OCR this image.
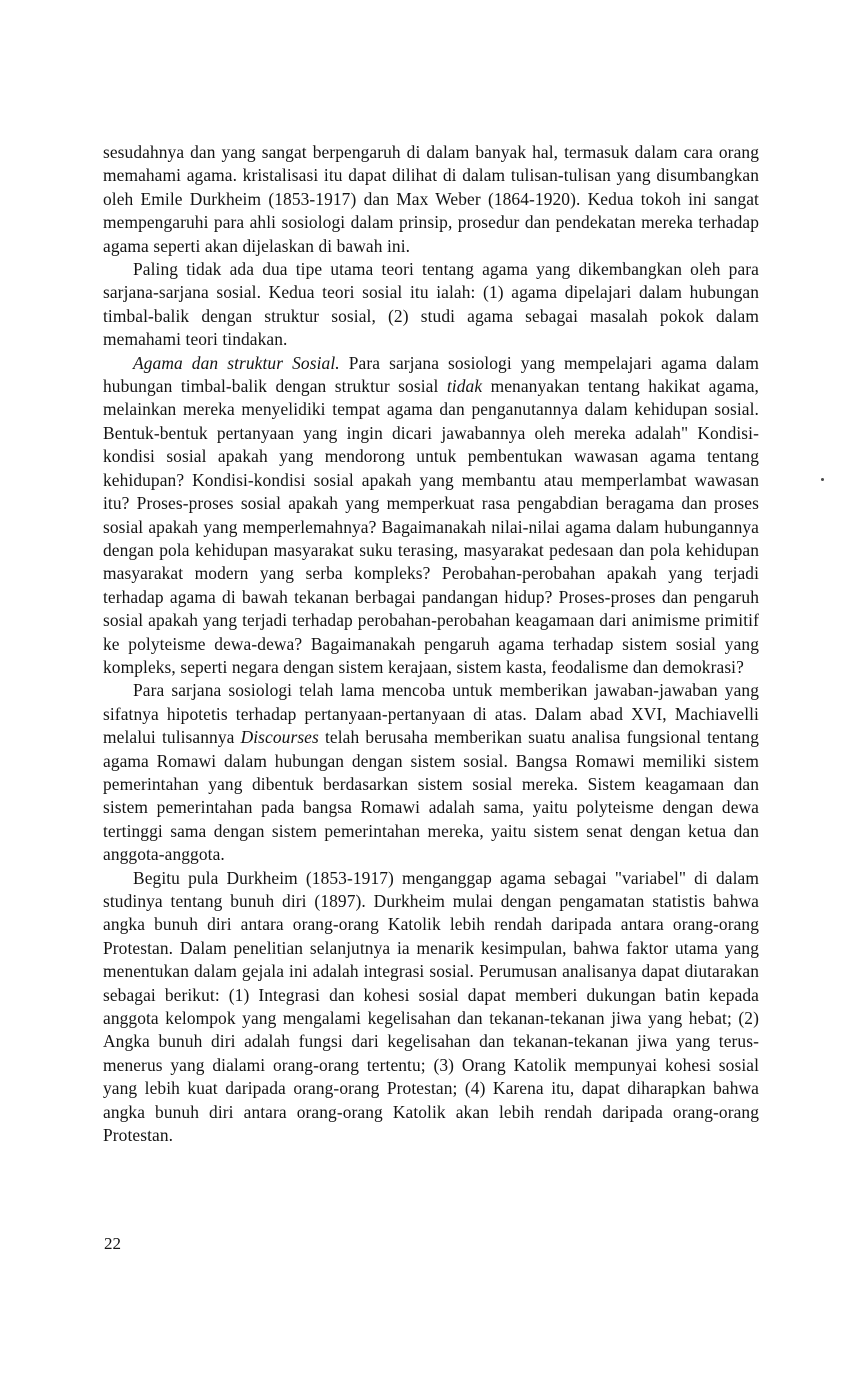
sesudahnya dan yang sangat berpengaruh di dalam banyak hal, termasuk dalam cara orang memahami agama. kristalisasi itu dapat dilihat di dalam tulisan-tulisan yang disumbangkan oleh Emile Durkheim (1853-1917) dan Max Weber (1864-1920). Kedua tokoh ini sangat mempengaruhi para ahli sosiologi dalam prinsip, prosedur dan pendekatan mereka terhadap agama seperti akan dijelaskan di bawah ini.

Paling tidak ada dua tipe utama teori tentang agama yang dikembangkan oleh para sarjana-sarjana sosial. Kedua teori sosial itu ialah: (1) agama dipelajari dalam hubungan timbal-balik dengan struktur sosial, (2) studi agama sebagai masalah pokok dalam memahami teori tindakan.

Agama dan struktur Sosial. Para sarjana sosiologi yang mempelajari agama dalam hubungan timbal-balik dengan struktur sosial tidak menanyakan tentang hakikat agama, melainkan mereka menyelidiki tempat agama dan penganutannya dalam kehidupan sosial. Bentuk-bentuk pertanyaan yang ingin dicari jawabannya oleh mereka adalah" Kondisi-kondisi sosial apakah yang mendorong untuk pembentukan wawasan agama tentang kehidupan? Kondisi-kondisi sosial apakah yang membantu atau memperlambat wawasan itu? Proses-proses sosial apakah yang memperkuat rasa pengabdian beragama dan proses sosial apakah yang memperlemahnya? Bagaimanakah nilai-nilai agama dalam hubungannya dengan pola kehidupan masyarakat suku terasing, masyarakat pedesaan dan pola kehidupan masyarakat modern yang serba kompleks? Perobahan-perobahan apakah yang terjadi terhadap agama di bawah tekanan berbagai pandangan hidup? Proses-proses dan pengaruh sosial apakah yang terjadi terhadap perobahan-perobahan keagamaan dari animisme primitif ke polyteisme dewa-dewa? Bagaimanakah pengaruh agama terhadap sistem sosial yang kompleks, seperti negara dengan sistem kerajaan, sistem kasta, feodalisme dan demokrasi?

Para sarjana sosiologi telah lama mencoba untuk memberikan jawaban-jawaban yang sifatnya hipotetis terhadap pertanyaan-pertanyaan di atas. Dalam abad XVI, Machiavelli melalui tulisannya Discourses telah berusaha memberikan suatu analisa fungsional tentang agama Romawi dalam hubungan dengan sistem sosial. Bangsa Romawi memiliki sistem pemerintahan yang dibentuk berdasarkan sistem sosial mereka. Sistem keagamaan dan sistem pemerintahan pada bangsa Romawi adalah sama, yaitu polyteisme dengan dewa tertinggi sama dengan sistem pemerintahan mereka, yaitu sistem senat dengan ketua dan anggota-anggota.

Begitu pula Durkheim (1853-1917) menganggap agama sebagai "variabel" di dalam studinya tentang bunuh diri (1897). Durkheim mulai dengan pengamatan statistis bahwa angka bunuh diri antara orang-orang Katolik lebih rendah daripada antara orang-orang Protestan. Dalam penelitian selanjutnya ia menarik kesimpulan, bahwa faktor utama yang menentukan dalam gejala ini adalah integrasi sosial. Perumusan analisanya dapat diutarakan sebagai berikut: (1) Integrasi dan kohesi sosial dapat memberi dukungan batin kepada anggota kelompok yang mengalami kegelisahan dan tekanan-tekanan jiwa yang hebat; (2) Angka bunuh diri adalah fungsi dari kegelisahan dan tekanan-tekanan jiwa yang terus-menerus yang dialami orang-orang tertentu; (3) Orang Katolik mempunyai kohesi sosial yang lebih kuat daripada orang-orang Protestan; (4) Karena itu, dapat diharapkan bahwa angka bunuh diri antara orang-orang Katolik akan lebih rendah daripada orang-orang Protestan.

22
